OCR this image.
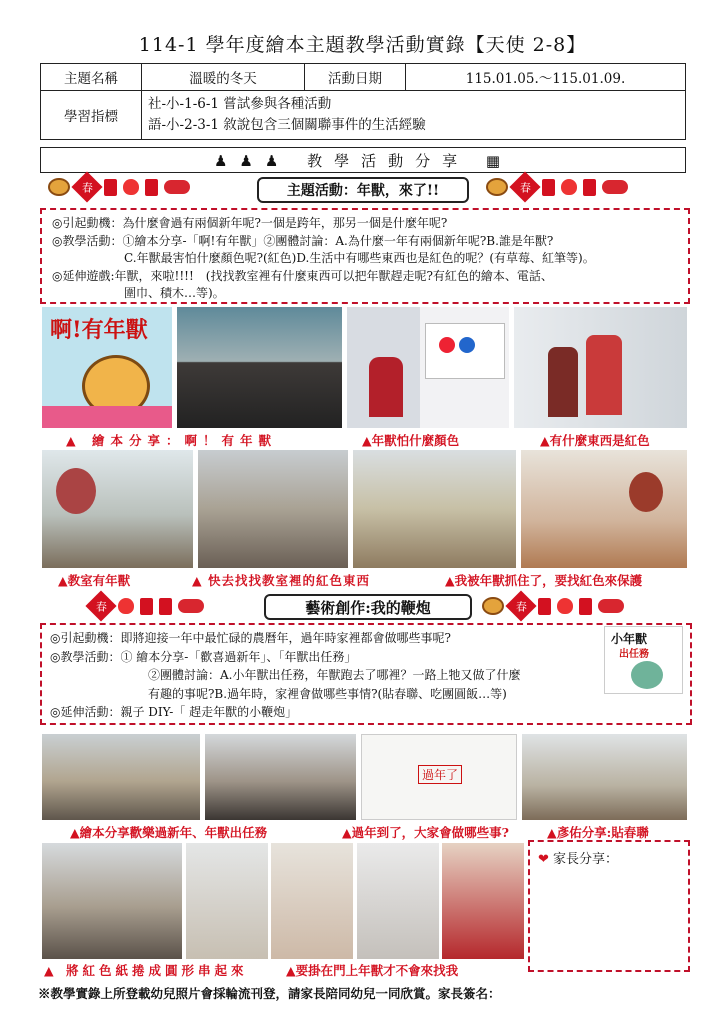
114-1 學年度繪本主題教學活動實錄【天使 2-8】
主題名稱	溫暖的冬天	活動日期	115.01.05.～115.01.09.
學習指標	社-小-1-6-1 嘗試參與各種活動
語-小-2-3-1 敘說包含三個關聯事件的生活經驗		
♟♟♟ 教學活動分享 ▦
春	主題活動：年獸，來了!!	春
◎引起動機：為什麼會過有兩個新年呢?一個是跨年，那另一個是什麼年呢?
◎教學活動：①繪本分享-「啊!有年獸」②團體討論：A.為什麼一年有兩個新年呢?B.誰是年獸?
C.年獸最害怕什麼顏色呢?(紅色)D.生活中有哪些東西也是紅色的呢？(有草莓、紅筆等)。
◎延伸遊戲:年獸，來啦!!!!　(找找教室裡有什麼東西可以把年獸趕走呢?有紅色的繪本、電話、
圍巾、積木…等)。
啊!有年獸
▲ 繪本分享：啊！有年獸	▲年獸怕什麼顏色	▲有什麼東西是紅色
▲教室有年獸	▲ 快去找找教室裡的紅色東西	▲我被年獸抓住了，要找紅色來保護
春	藝術創作:我的鞭炮	春
◎引起動機：即將迎接一年中最忙碌的農曆年，過年時家裡都會做哪些事呢?
◎教學活動：① 繪本分享-「歡喜過新年」、「年獸出任務」
②團體討論：A.小年獸出任務，年獸跑去了哪裡？一路上牠又做了什麼
有趣的事呢?B.過年時，家裡會做哪些事情?(貼春聯、吃團圓飯…等)
◎延伸活動：親子 DIY-「 趕走年獸的小鞭炮」
小年獸
出任務
過年了
▲繪本分享歡樂過新年、年獸出任務	▲過年到了，大家會做哪些事?	▲彥佑分享:貼春聯
❤ 家長分享：
▲ 將紅色紙捲成圓形串起來	▲要掛在門上年獸才不會來找我
※教學實錄上所登載幼兒照片會採輪流刊登，請家長陪同幼兒一同欣賞。家長簽名：
